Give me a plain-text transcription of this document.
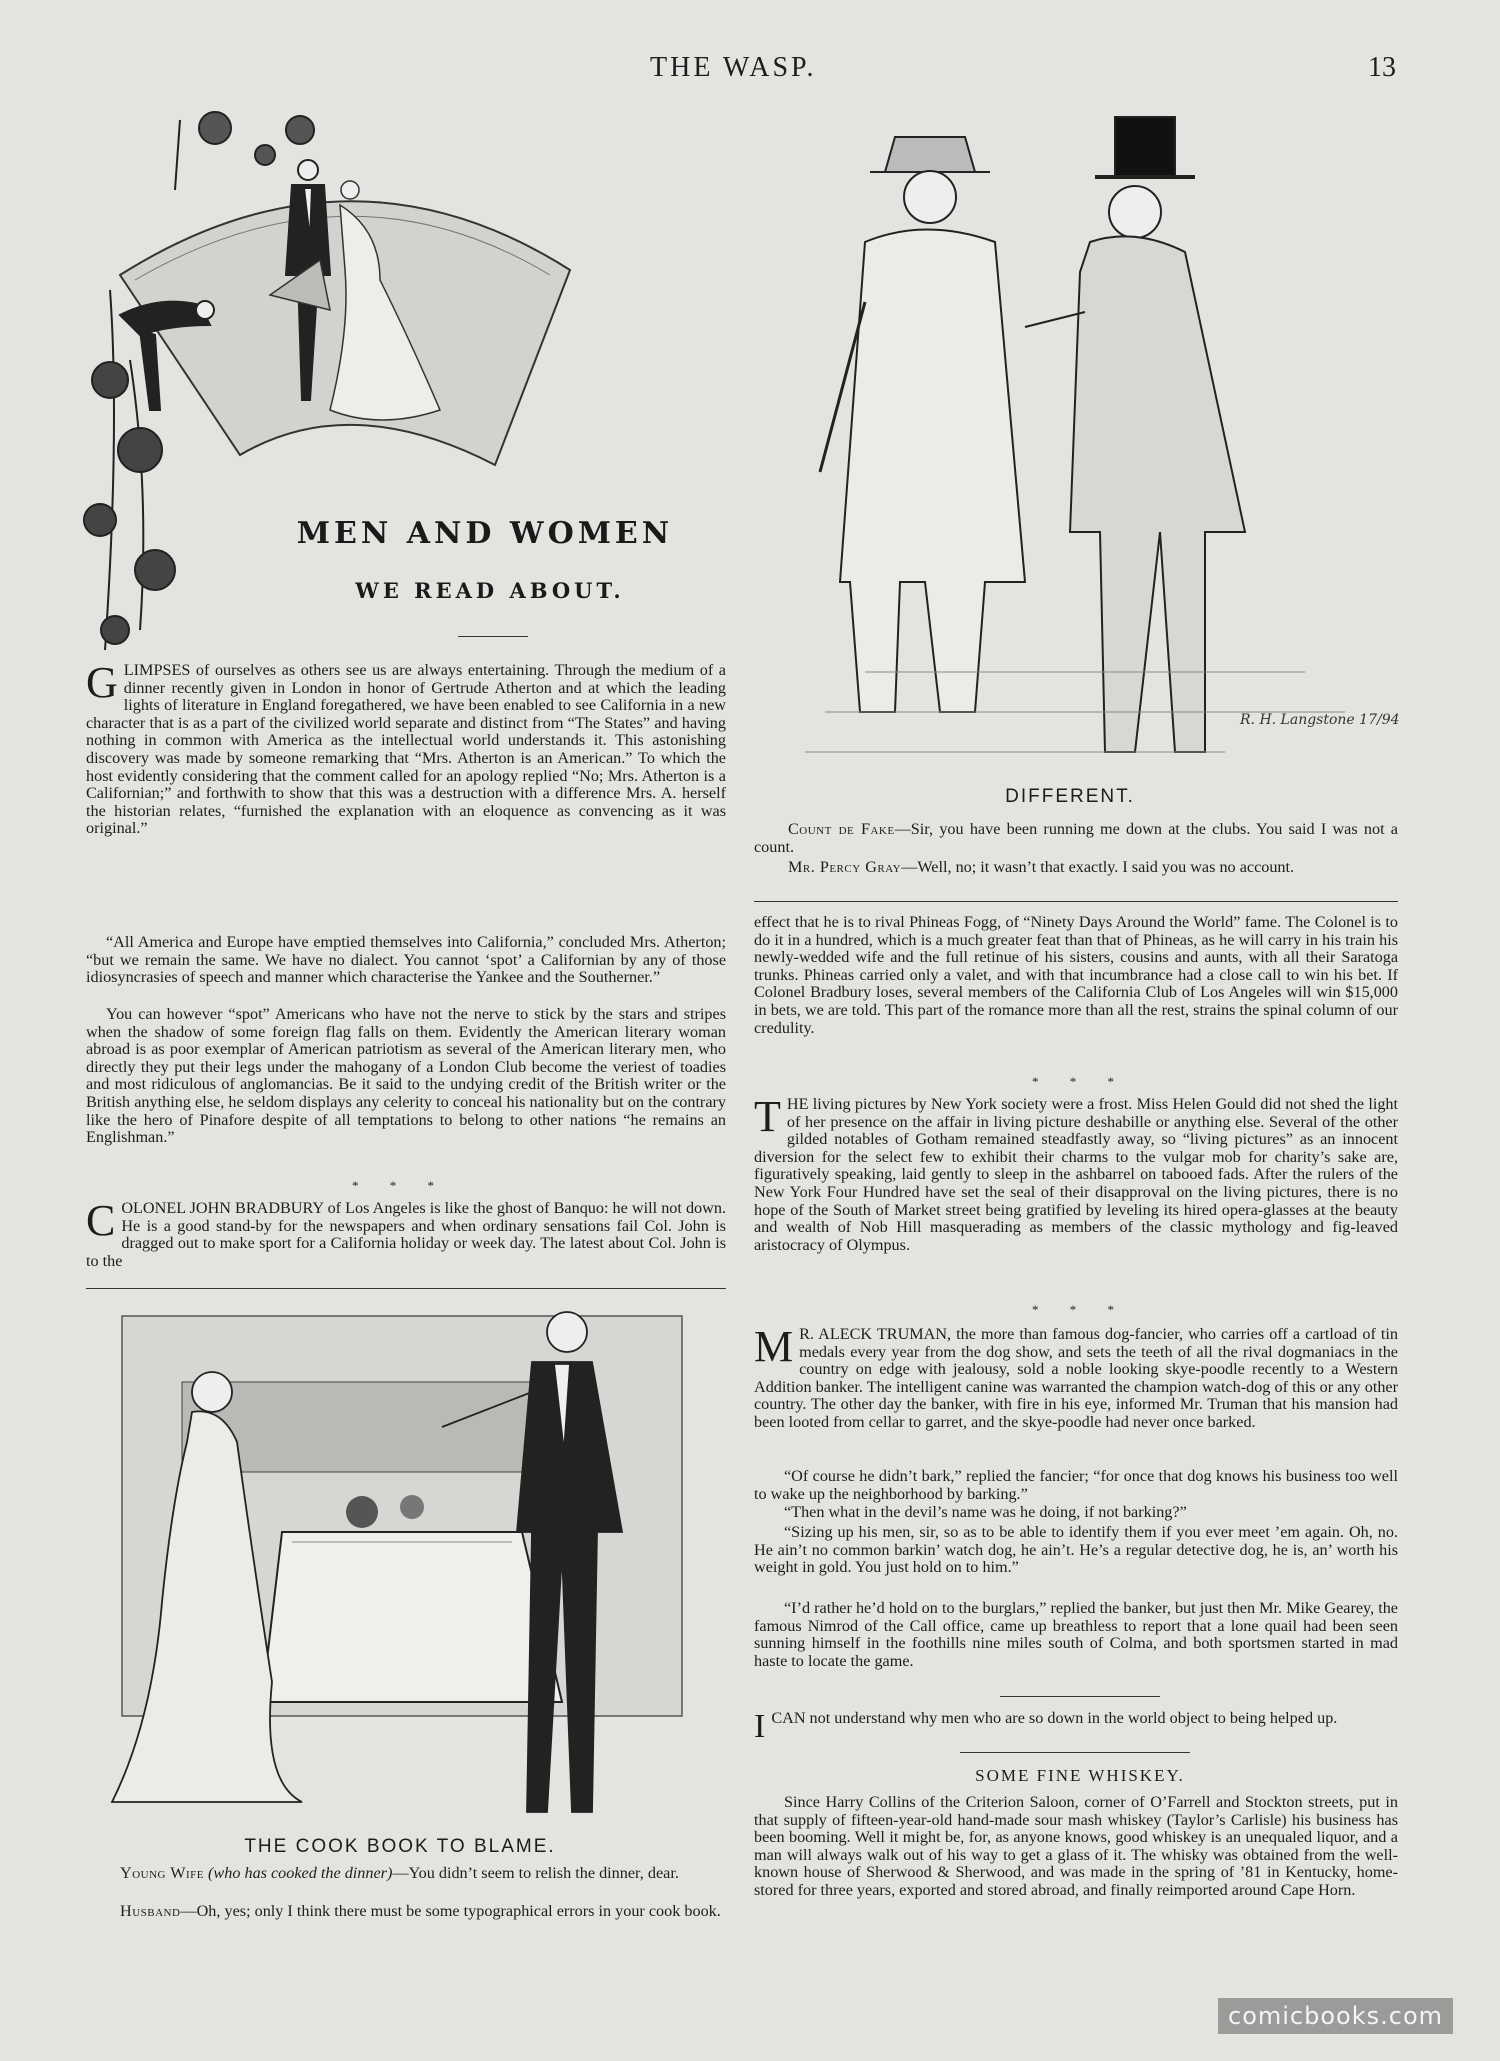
THE WASP.	13
MEN AND WOMEN
WE READ ABOUT.

GLIMPSES of ourselves as others see us are always entertaining. Through the medium of a dinner recently given in London in honor of Gertrude Atherton and at which the leading lights of literature in England foregathered, we have been enabled to see California in a new character that is as a part of the civilized world separate and distinct from “The States” and having nothing in common with America as the intellectual world understands it. This astonishing discovery was made by someone remarking that “Mrs. Atherton is an American.” To which the host evidently considering that the comment called for an apology replied “No; Mrs. Atherton is a Californian;” and forthwith to show that this was a destruction with a difference Mrs. A. herself the historian relates, “furnished the explanation with an eloquence as convencing as it was original.”

“All America and Europe have emptied themselves into California,” concluded Mrs. Atherton; “but we remain the same. We have no dialect. You cannot ‘spot’ a Californian by any of those idiosyncrasies of speech and manner which characterise the Yankee and the Southerner.”

You can however “spot” Americans who have not the nerve to stick by the stars and stripes when the shadow of some foreign flag falls on them. Evidently the American literary woman abroad is as poor exemplar of American patriotism as several of the American literary men, who directly they put their legs under the mahogany of a London Club become the veriest of toadies and most ridiculous of anglomancias. Be it said to the undying credit of the British writer or the British anything else, he seldom displays any celerity to conceal his nationality but on the contrary like the hero of Pinafore despite of all temptations to belong to other nations “he remains an Englishman.”

* * *

COLONEL JOHN BRADBURY of Los Angeles is like the ghost of Banquo: he will not down. He is a good stand-by for the newspapers and when ordinary sensations fail Col. John is dragged out to make sport for a California holiday or week day. The latest about Col. John is to the

THE COOK BOOK TO BLAME.

Young Wife (who has cooked the dinner)—You didn’t seem to relish the dinner, dear.

Husband—Oh, yes; only I think there must be some typographical errors in your cook book.

R. H. Langstone 17/94
DIFFERENT.

Count de Fake—Sir, you have been running me down at the clubs. You said I was not a count.

Mr. Percy Gray—Well, no; it wasn’t that exactly. I said you was no account.

effect that he is to rival Phineas Fogg, of “Ninety Days Around the World” fame. The Colonel is to do it in a hundred, which is a much greater feat than that of Phineas, as he will carry in his train his newly-wedded wife and the full retinue of his sisters, cousins and aunts, with all their Saratoga trunks. Phineas carried only a valet, and with that incumbrance had a close call to win his bet. If Colonel Bradbury loses, several members of the California Club of Los Angeles will win $15,000 in bets, we are told. This part of the romance more than all the rest, strains the spinal column of our credulity.

* * *

THE living pictures by New York society were a frost. Miss Helen Gould did not shed the light of her presence on the affair in living picture deshabille or anything else. Several of the other gilded notables of Gotham remained steadfastly away, so “living pictures” as an innocent diversion for the select few to exhibit their charms to the vulgar mob for charity’s sake are, figuratively speaking, laid gently to sleep in the ashbarrel on tabooed fads. After the rulers of the New York Four Hundred have set the seal of their disapproval on the living pictures, there is no hope of the South of Market street being gratified by leveling its hired opera-glasses at the beauty and wealth of Nob Hill masquerading as members of the classic mythology and fig-leaved aristocracy of Olympus.

* * *

M R. ALECK TRUMAN, the more than famous dog-fancier, who carries off a cartload of tin medals every year from the dog show, and sets the teeth of all the rival dogmaniacs in the country on edge with jealousy, sold a noble looking skye-poodle recently to a Western Addition banker. The intelligent canine was warranted the champion watch-dog of this or any other country. The other day the banker, with fire in his eye, informed Mr. Truman that his mansion had been looted from cellar to garret, and the skye-poodle had never once barked.

“Of course he didn’t bark,” replied the fancier; “for once that dog knows his business too well to wake up the neighborhood by barking.”

“Then what in the devil’s name was he doing, if not barking?”

“Sizing up his men, sir, so as to be able to identify them if you ever meet ’em again. Oh, no. He ain’t no common barkin’ watch dog, he ain’t. He’s a regular detective dog, he is, an’ worth his weight in gold. You just hold on to him.”

“I’d rather he’d hold on to the burglars,” replied the banker, but just then Mr. Mike Gearey, the famous Nimrod of the Call office, came up breathless to report that a lone quail had been seen sunning himself in the foothills nine miles south of Colma, and both sportsmen started in mad haste to locate the game.

ICAN not understand why men who are so down in the world object to being helped up.

SOME FINE WHISKEY.

Since Harry Collins of the Criterion Saloon, corner of O’Farrell and Stockton streets, put in that supply of fifteen-year-old hand-made sour mash whiskey (Taylor’s Carlisle) his business has been booming. Well it might be, for, as anyone knows, good whiskey is an unequaled liquor, and a man will always walk out of his way to get a glass of it. The whisky was obtained from the well-known house of Sherwood & Sherwood, and was made in the spring of ’81 in Kentucky, home-stored for three years, exported and stored abroad, and finally reimported around Cape Horn.

comicbooks.com
